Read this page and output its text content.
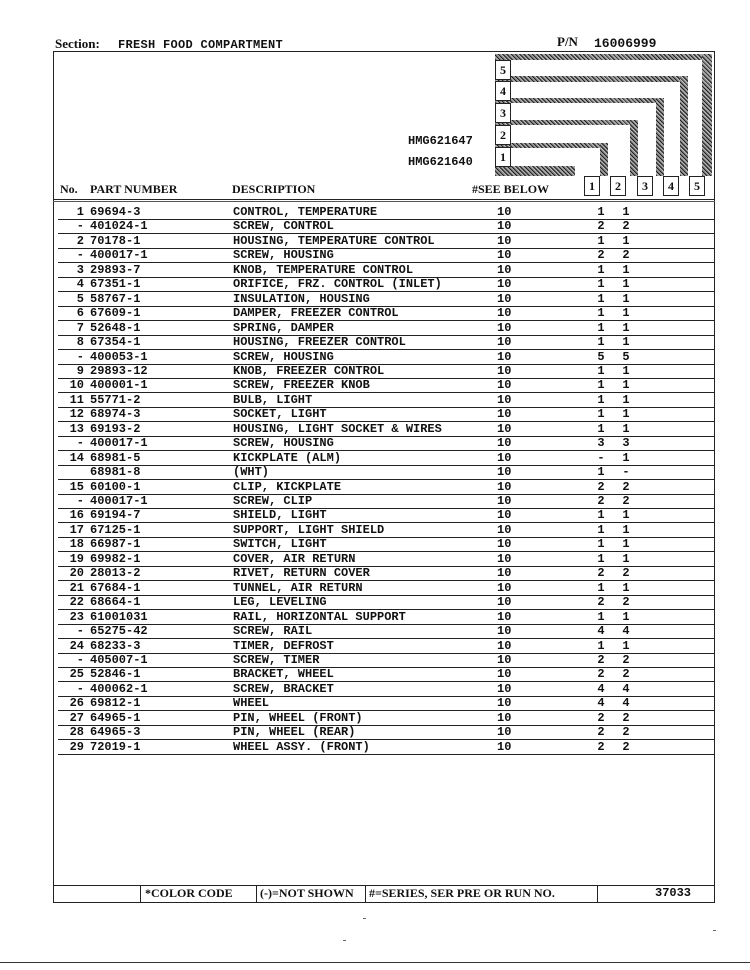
Section: FRESH FOOD COMPARTMENT	P/N 16006999
5
4
3
2
1
HMG621647
HMG621640
No. PART NUMBER	DESCRIPTION	#SEE BELOW	1	2	3	4	5
1 69694-3	CONTROL, TEMPERATURE	10	1 1
- 401024-1	SCREW, CONTROL	10	2 2
2 70178-1	HOUSING, TEMPERATURE CONTROL	10	1 1
- 400017-1	SCREW, HOUSING	10	2 2
3 29893-7	KNOB, TEMPERATURE CONTROL	10	1 1
4 67351-1	ORIFICE, FRZ. CONTROL (INLET)	10	1 1
5 58767-1	INSULATION, HOUSING	10	1 1
6 67609-1	DAMPER, FREEZER CONTROL	10	1 1
7 52648-1	SPRING, DAMPER	10	1 1
8 67354-1	HOUSING, FREEZER CONTROL	10	1 1
- 400053-1	SCREW, HOUSING	10	5 5
9 29893-12	KNOB, FREEZER CONTROL	10	1 1
10 400001-1	SCREW, FREEZER KNOB	10	1 1
11 55771-2	BULB, LIGHT	10	1 1
12 68974-3	SOCKET, LIGHT	10	1 1
13 69193-2	HOUSING, LIGHT SOCKET & WIRES	10	1 1
- 400017-1	SCREW, HOUSING	10	3 3
14 68981-5	KICKPLATE (ALM)	10	- 1
68981-8	(WHT)	10	1 -
15 60100-1	CLIP, KICKPLATE	10	2 2
- 400017-1	SCREW, CLIP	10	2 2
16 69194-7	SHIELD, LIGHT	10	1 1
17 67125-1	SUPPORT, LIGHT SHIELD	10	1 1
18 66987-1	SWITCH, LIGHT	10	1 1
19 69982-1	COVER, AIR RETURN	10	1 1
20 28013-2	RIVET, RETURN COVER	10	2 2
21 67684-1	TUNNEL, AIR RETURN	10	1 1
22 68664-1	LEG, LEVELING	10	2 2
23 61001031	RAIL, HORIZONTAL SUPPORT	10	1 1
- 65275-42	SCREW, RAIL	10	4 4
24 68233-3	TIMER, DEFROST	10	1 1
- 405007-1	SCREW, TIMER	10	2 2
25 52846-1	BRACKET, WHEEL	10	2 2
- 400062-1	SCREW, BRACKET	10	4 4
26 69812-1	WHEEL	10	4 4
27 64965-1	PIN, WHEEL (FRONT)	10	2 2
28 64965-3	PIN, WHEEL (REAR)	10	2 2
29 72019-1	WHEEL ASSY. (FRONT)	10	2 2
*COLOR CODE (-)=NOT SHOWN #=SERIES, SER PRE OR RUN NO.	37033
